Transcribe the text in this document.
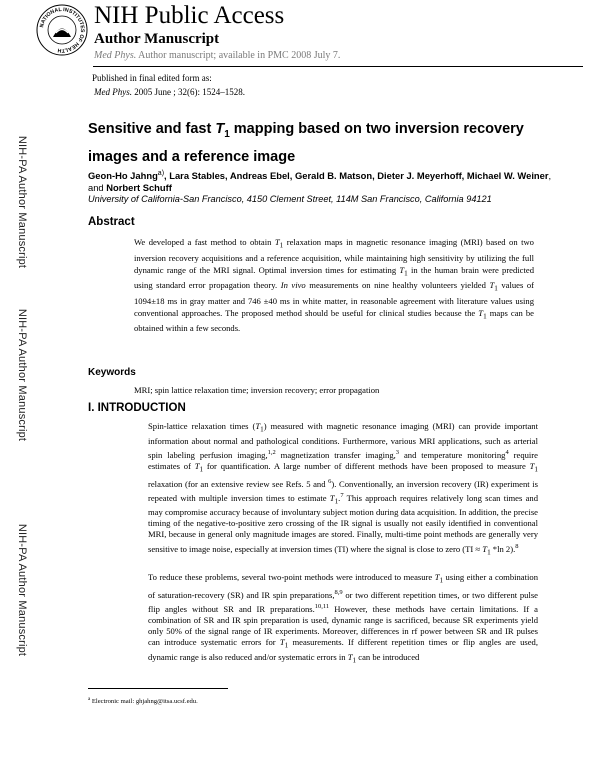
NATIONAL INSTITUTES OF HEALTH
NIH Public Access
Author Manuscript
Med Phys. Author manuscript; available in PMC 2008 July 7.
Published in final edited form as:
Med Phys. 2005 June ; 32(6): 1524–1528.
NIH-PA Author Manuscript
NIH-PA Author Manuscript
NIH-PA Author Manuscript
Sensitive and fast $T_1$ mapping based on two inversion recovery images and a reference image
Geon-Ho Jahng$^{a)}$, Lara Stables, Andreas Ebel, Gerald B. Matson, Dieter J. Meyerhoff, Michael W. Weiner, and Norbert Schuff
University of California-San Francisco, 4150 Clement Street, 114M San Francisco, California 94121
Abstract
We developed a fast method to obtain $T_1$ relaxation maps in magnetic resonance imaging (MRI) based on two inversion recovery acquisitions and a reference acquisition, while maintaining high sensitivity by utilizing the full dynamic range of the MRI signal. Optimal inversion times for estimating $T_1$ in the human brain were predicted using standard error propagation theory. In vivo measurements on nine healthy volunteers yielded $T_1$ values of 1094±18 ms in gray matter and 746 ±40 ms in white matter, in reasonable agreement with literature values using conventional approaches. The proposed method should be useful for clinical studies because the $T_1$ maps can be obtained within a few seconds.
Keywords
MRI; spin lattice relaxation time; inversion recovery; error propagation
I. INTRODUCTION
Spin-lattice relaxation times $(T_1)$ measured with magnetic resonance imaging (MRI) can provide important information about normal and pathological conditions. Furthermore, various MRI applications, such as arterial spin labeling perfusion imaging,$^{1,2}$ magnetization transfer imaging,$^3$ and temperature monitoring$^4$ require estimates of $T_1$ for quantification. A large number of different methods have been proposed to measure $T_1$ relaxation (for an extensive review see Refs. 5 and $^6$). Conventionally, an inversion recovery (IR) experiment is repeated with multiple inversion times to estimate $T_1.^7$ This approach requires relatively long scan times and may compromise accuracy because of involuntary subject motion during data acquisition. In addition, the precise timing of the negative-to-positive zero crossing of the IR signal is usually not easily identified in conventional MRI, because in general only magnitude images are stored. Finally, multi-time point methods are generally very sensitive to image noise, especially at inversion times (TI) where the signal is close to zero ($TI \approx T_1$ *ln 2).$^8$
To reduce these problems, several two-point methods were introduced to measure $T_1$ using either a combination of saturation-recovery (SR) and IR spin preparations,$^{8,9}$ or two different repetition times, or two different pulse flip angles without SR and IR preparations.$^{10,11}$ However, these methods have certain limitations. If a combination of SR and IR spin preparation is used, dynamic range is sacrificed, because SR experiments yield only 50% of the signal range of IR experiments. Moreover, differences in rf power between SR and IR pulses can introduce systematic errors for $T_1$ measurements. If different repetition times or flip angles are used, dynamic range is also reduced and/or systematic errors in $T_1$ can be introduced
$^a$ Electronic mail: ghjahng@itsa.ucsf.edu.
